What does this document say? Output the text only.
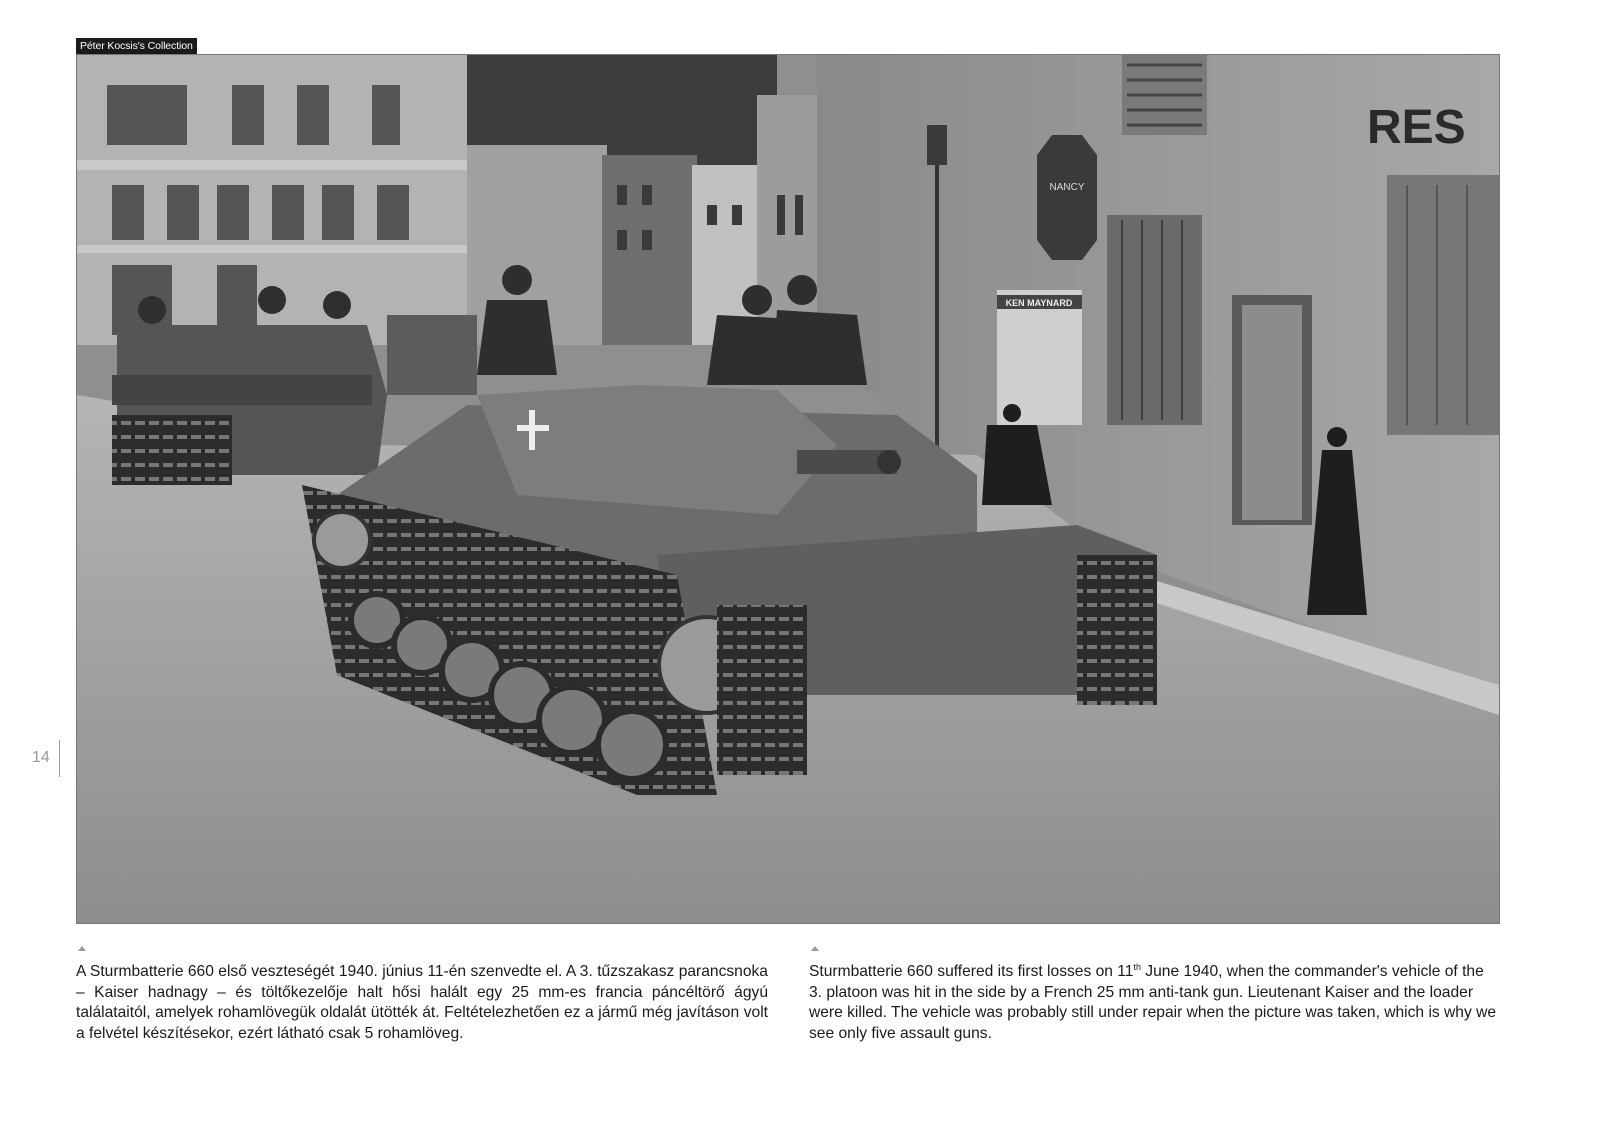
Péter Kocsis's Collection
RES
NANCY
KEN MAYNARD
14
A Sturmbatterie 660 első veszteségét 1940. június 11-én szenvedte el. A 3. tűzszakasz parancsnoka – Kaiser hadnagy – és töltőkezelője halt hősi halált egy 25 mm-es francia páncéltörő ágyú találataitól, amelyek rohamlövegük oldalát ütötték át. Feltételezhetően ez a jármű még javításon volt a felvétel készítésekor, ezért látható csak 5 rohamlöveg.
Sturmbatterie 660 suffered its first losses on 11th June 1940, when the commander's vehicle of the 3. platoon was hit in the side by a French 25 mm anti-tank gun. Lieutenant Kaiser and the loader were killed. The vehicle was probably still under repair when the picture was taken, which is why we see only five assault guns.
